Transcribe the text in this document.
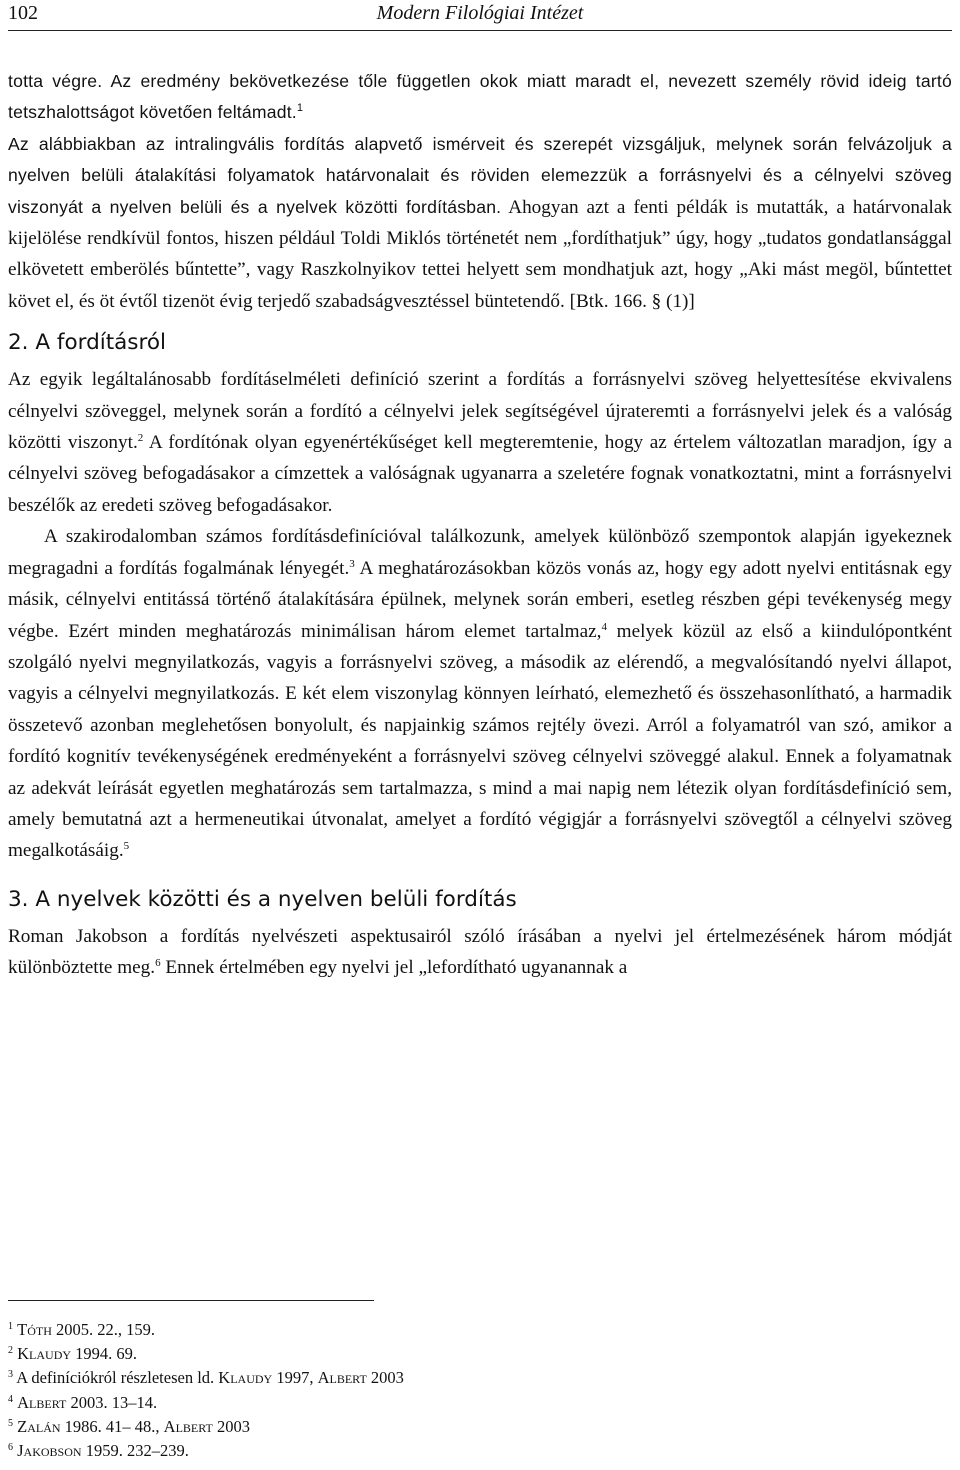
102	Modern Filológiai Intézet

totta végre. Az eredmény bekövetkezése tőle független okok miatt maradt el, nevezett személy rövid ideig tartó tetszhalottságot követően feltámadt.$^1$

Az alábbiakban az intralingvális fordítás alapvető ismérveit és szerepét vizsgáljuk, melynek során felvázoljuk a nyelven belüli átalakítási folyamatok határvonalait és röviden elemezzük a forrásnyelvi és a célnyelvi szöveg viszonyát a nyelven belüli és a nyelvek közötti fordításban. Ahogyan azt a fenti példák is mutatták, a határvonalak kijelölése rendkívül fontos, hiszen például Toldi Miklós történetét nem „fordíthatjuk” úgy, hogy „tudatos gondatlansággal elkövetett emberölés bűntette”, vagy Raszkolnyikov tettei helyett sem mondhatjuk azt, hogy „Aki mást megöl, bűntettet követ el, és öt évtől tizenöt évig terjedő szabadságvesztéssel büntetendő. [Btk. 166. § (1)]

2. A fordításról

Az egyik legáltalánosabb fordításelméleti definíció szerint a fordítás a forrásnyelvi szöveg helyettesítése ekvivalens célnyelvi szöveggel, melynek során a fordító a célnyelvi jelek segítségével újrateremti a forrásnyelvi jelek és a valóság közötti viszonyt.$^2$ A fordítónak olyan egyenértékűséget kell megteremtenie, hogy az értelem változatlan maradjon, így a célnyelvi szöveg befogadásakor a címzettek a valóságnak ugyanarra a szeletére fognak vonatkoztatni, mint a forrásnyelvi beszélők az eredeti szöveg befogadásakor.

A szakirodalomban számos fordításdefinícióval találkozunk, amelyek különböző szempontok alapján igyekeznek megragadni a fordítás fogalmának lényegét.$^3$ A meghatározásokban közös vonás az, hogy egy adott nyelvi entitásnak egy másik, célnyelvi entitássá történő átalakítására épülnek, melynek során emberi, esetleg részben gépi tevékenység megy végbe. Ezért minden meghatározás minimálisan három elemet tartalmaz,$^4$ melyek közül az első a kiindulópontként szolgáló nyelvi megnyilatkozás, vagyis a forrásnyelvi szöveg, a második az elérendő, a megvalósítandó nyelvi állapot, vagyis a célnyelvi megnyilatkozás. E két elem viszonylag könnyen leírható, elemezhető és összehasonlítható, a harmadik összetevő azonban meglehetősen bonyolult, és napjainkig számos rejtély övezi. Arról a folyamatról van szó, amikor a fordító kognitív tevékenységének eredményeként a forrásnyelvi szöveg célnyelvi szöveggé alakul. Ennek a folyamatnak az adekvát leírását egyetlen meghatározás sem tartalmazza, s mind a mai napig nem létezik olyan fordításdefiníció sem, amely bemutatná azt a hermeneutikai útvonalat, amelyet a fordító végigjár a forrásnyelvi szövegtől a célnyelvi szöveg megalkotásáig.$^5$

3. A nyelvek közötti és a nyelven belüli fordítás

Roman Jakobson a fordítás nyelvészeti aspektusairól szóló írásában a nyelvi jel értelmezésének három módját különböztette meg.$^6$ Ennek értelmében egy nyelvi jel „lefordítható ugyanannak a

$^1$ Tóth 2005. 22., 159.
$^2$ Klaudy 1994. 69.
$^3$ A definíciókról részletesen ld. Klaudy 1997, Albert 2003
$^4$ Albert 2003. 13–14.
$^5$ Zalán 1986. 41– 48., Albert 2003
$^6$ Jakobson 1959. 232–239.
